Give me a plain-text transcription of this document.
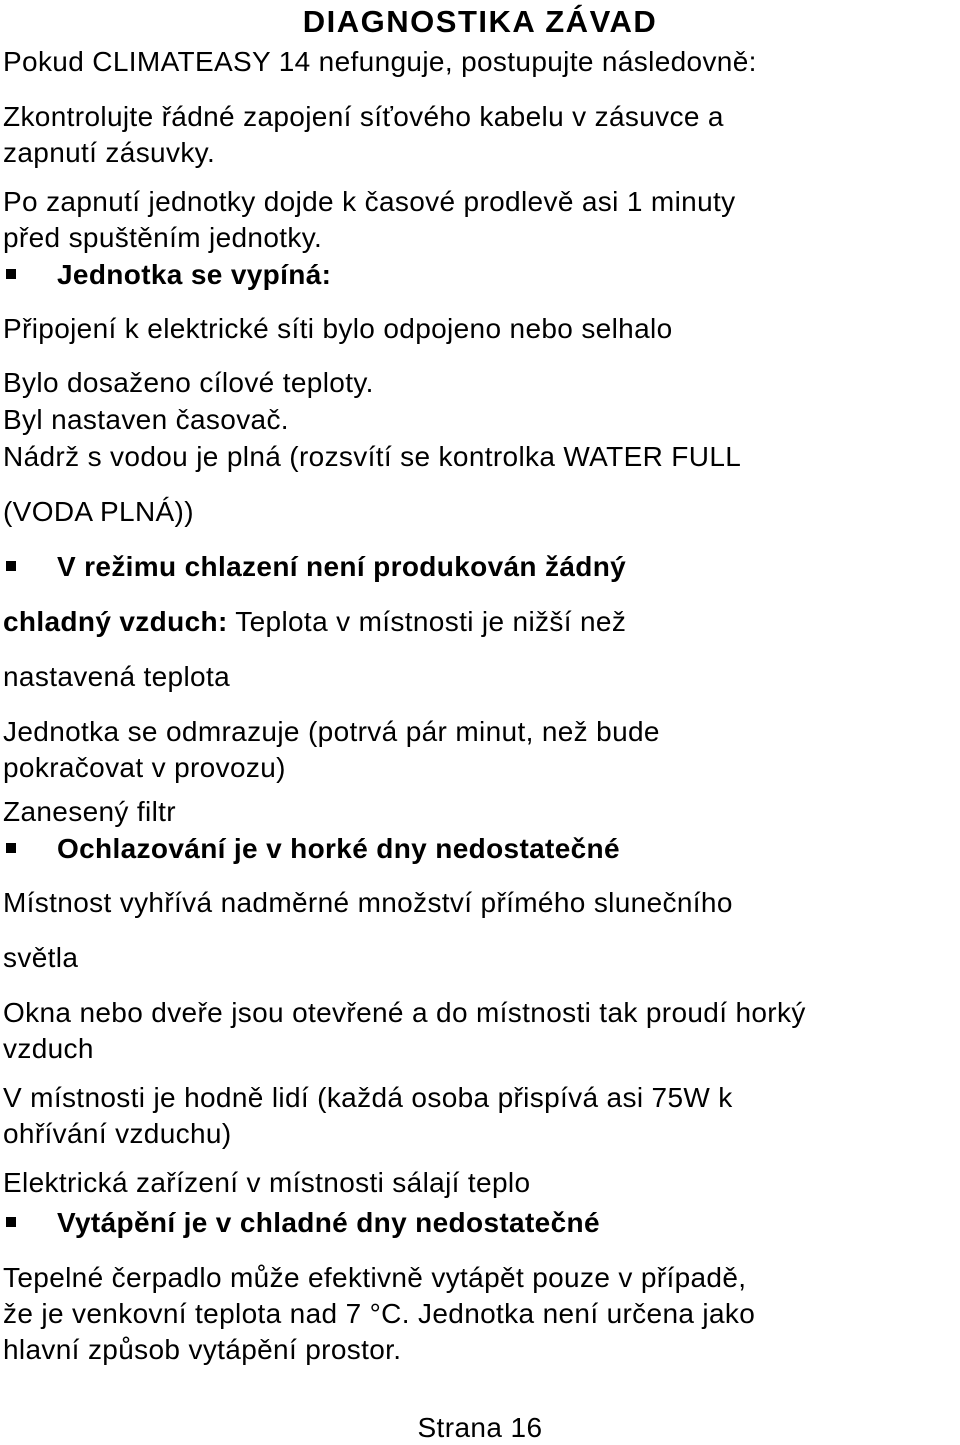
DIAGNOSTIKA ZÁVAD

Pokud CLIMATEASY 14 nefunguje, postupujte následovně:

Zkontrolujte řádné zapojení síťového kabelu v zásuvce a

zapnutí zásuvky.

Po zapnutí jednotky dojde k časové prodlevě asi 1 minuty

před spuštěním jednotky.

Jednotka se vypíná:

Připojení k elektrické síti bylo odpojeno nebo selhalo

Bylo dosaženo cílové teploty.

Byl nastaven časovač.

Nádrž s vodou je plná (rozsvítí se kontrolka WATER FULL

(VODA PLNÁ))

V režimu chlazení není produkován žádný

chladný vzduch: Teplota v místnosti je nižší než

nastavená teplota

Jednotka se odmrazuje (potrvá pár minut, než bude

pokračovat v provozu)

Zanesený filtr

Ochlazování je v horké dny nedostatečné

Místnost vyhřívá nadměrné množství přímého slunečního

světla

Okna nebo dveře jsou otevřené a do místnosti tak proudí horký

vzduch

V místnosti je hodně lidí (každá osoba přispívá asi 75W k

ohřívání vzduchu)

Elektrická zařízení v místnosti sálají teplo

Vytápění je v chladné dny nedostatečné

Tepelné čerpadlo může efektivně vytápět pouze v případě,

že je venkovní teplota nad 7 °C. Jednotka není určena jako

hlavní způsob vytápění prostor.

Strana 16
